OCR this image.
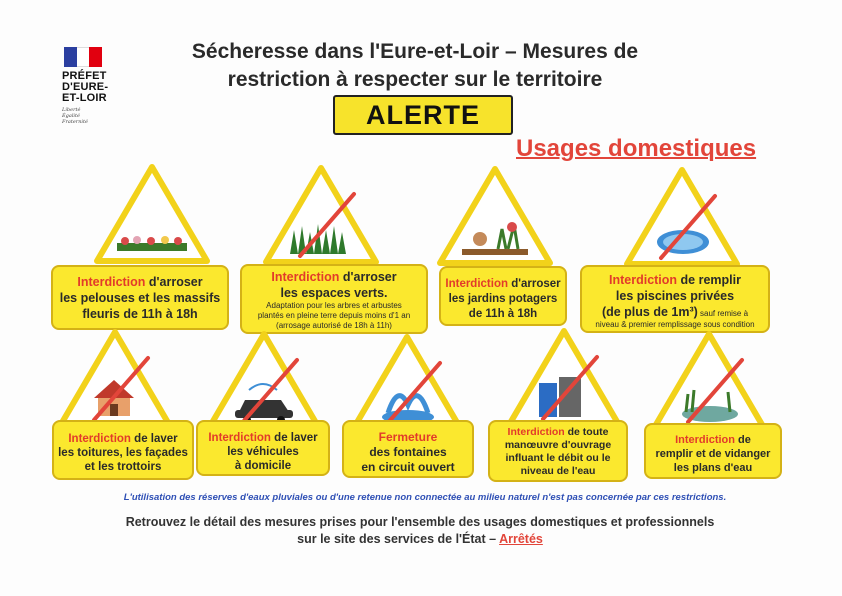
PRÉFET
D'EURE-
ET-LOIR
Liberté
Égalité
Fraternité
Sécheresse dans l'Eure-et-Loir – Mesures de
restriction à respecter sur le territoire
ALERTE
Usages domestiques
Interdiction d'arroser
les pelouses et les massifs
fleuris de 11h à 18h
Interdiction d'arroser
les espaces verts.
Adaptation pour les arbres et arbustes
plantés en pleine terre depuis moins d'1 an
(arrosage autorisé de 18h à 11h)
Interdiction d'arroser
les jardins potagers
de 11h à 18h
Interdiction de remplir
les piscines privées
(de plus de 1m³) sauf remise à
niveau & premier remplissage sous condition
Interdiction de laver
les toitures, les façades
et les trottoirs
Interdiction de laver
les véhicules
à domicile
Fermeture
des fontaines
en circuit ouvert
Interdiction de toute
manœuvre d'ouvrage
influant le débit ou le
niveau de l'eau
Interdiction de
remplir et de vidanger
les plans d'eau
L'utilisation des réserves d'eaux pluviales ou d'une retenue non connectée au milieu naturel n'est pas concernée par ces restrictions.
Retrouvez le détail des mesures prises pour l'ensemble des usages domestiques et professionnels
sur le site des services de l'État – Arrêtés
